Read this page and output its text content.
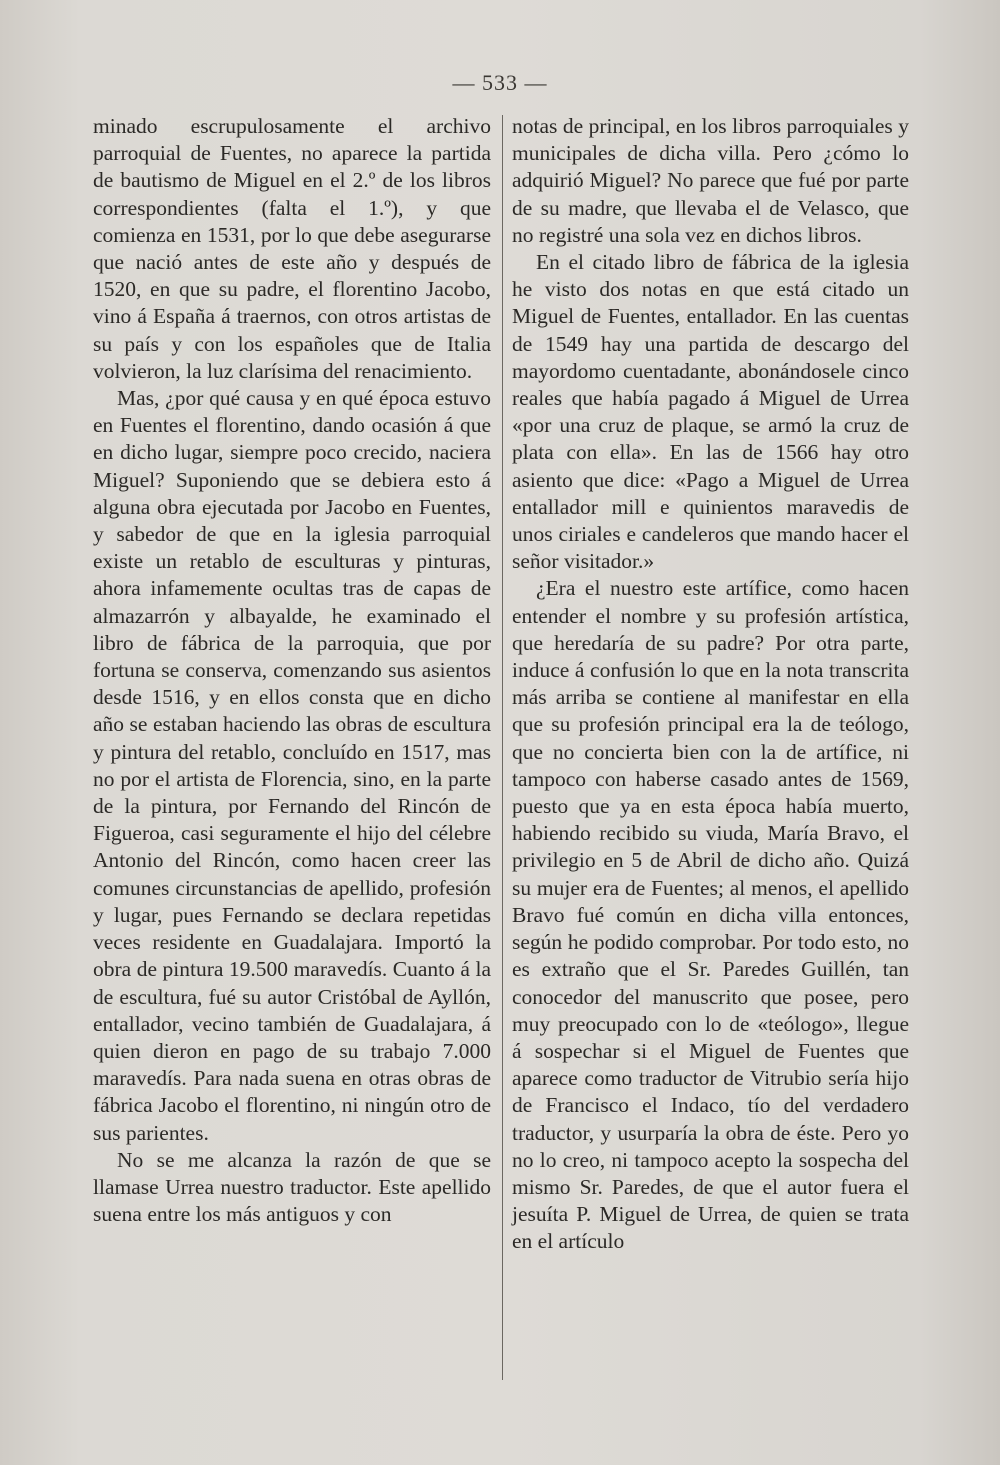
— 533 —

minado escrupulosamente el archivo parroquial de Fuentes, no aparece la partida de bautismo de Miguel en el 2.º de los libros correspondientes (falta el 1.º), y que comienza en 1531, por lo que debe asegurarse que nació antes de este año y después de 1520, en que su padre, el florentino Jacobo, vino á España á traernos, con otros artistas de su país y con los españoles que de Italia volvieron, la luz clarísima del renacimiento.

Mas, ¿por qué causa y en qué época estuvo en Fuentes el florentino, dando ocasión á que en dicho lugar, siempre poco crecido, naciera Miguel? Suponiendo que se debiera esto á alguna obra ejecutada por Jacobo en Fuentes, y sabedor de que en la iglesia parroquial existe un retablo de esculturas y pinturas, ahora infamemente ocultas tras de capas de almazarrón y albayalde, he examinado el libro de fábrica de la parroquia, que por fortuna se conserva, comenzando sus asientos desde 1516, y en ellos consta que en dicho año se estaban haciendo las obras de escultura y pintura del retablo, concluído en 1517, mas no por el artista de Florencia, sino, en la parte de la pintura, por Fernando del Rincón de Figueroa, casi seguramente el hijo del célebre Antonio del Rincón, como hacen creer las comunes circunstancias de apellido, profesión y lugar, pues Fernando se declara repetidas veces residente en Guadalajara. Importó la obra de pintura 19.500 maravedís. Cuanto á la de escultura, fué su autor Cristóbal de Ayllón, entallador, vecino también de Guadalajara, á quien dieron en pago de su trabajo 7.000 maravedís. Para nada suena en otras obras de fábrica Jacobo el florentino, ni ningún otro de sus parientes.

No se me alcanza la razón de que se llamase Urrea nuestro traductor. Este apellido suena entre los más antiguos y con

notas de principal, en los libros parroquiales y municipales de dicha villa. Pero ¿cómo lo adquirió Miguel? No parece que fué por parte de su madre, que llevaba el de Velasco, que no registré una sola vez en dichos libros.

En el citado libro de fábrica de la iglesia he visto dos notas en que está citado un Miguel de Fuentes, entallador. En las cuentas de 1549 hay una partida de descargo del mayordomo cuentadante, abonándosele cinco reales que había pagado á Miguel de Urrea «por una cruz de plaque, se armó la cruz de plata con ella». En las de 1566 hay otro asiento que dice: «Pago a Miguel de Urrea entallador mill e quinientos maravedis de unos ciriales e candeleros que mando hacer el señor visitador.»

¿Era el nuestro este artífice, como hacen entender el nombre y su profesión artística, que heredaría de su padre? Por otra parte, induce á confusión lo que en la nota transcrita más arriba se contiene al manifestar en ella que su profesión principal era la de teólogo, que no concierta bien con la de artífice, ni tampoco con haberse casado antes de 1569, puesto que ya en esta época había muerto, habiendo recibido su viuda, María Bravo, el privilegio en 5 de Abril de dicho año. Quizá su mujer era de Fuentes; al menos, el apellido Bravo fué común en dicha villa entonces, según he podido comprobar. Por todo esto, no es extraño que el Sr. Paredes Guillén, tan conocedor del manuscrito que posee, pero muy preocupado con lo de «teólogo», llegue á sospechar si el Miguel de Fuentes que aparece como traductor de Vitrubio sería hijo de Francisco el Indaco, tío del verdadero traductor, y usurparía la obra de éste. Pero yo no lo creo, ni tampoco acepto la sospecha del mismo Sr. Paredes, de que el autor fuera el jesuíta P. Miguel de Urrea, de quien se trata en el artículo
